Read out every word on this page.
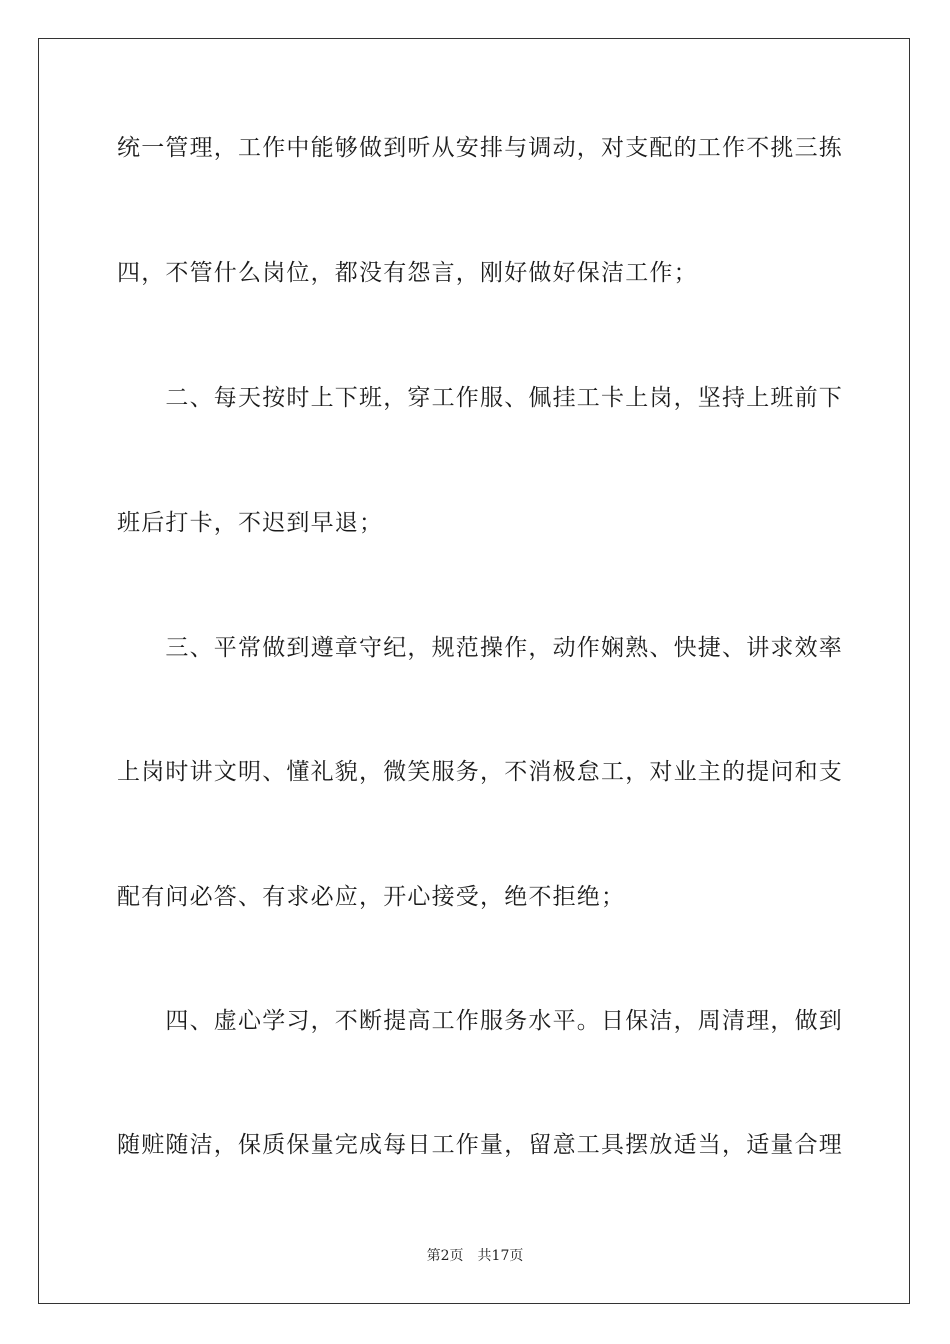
统一管理，工作中能够做到听从安排与调动，对支配的工作不挑三拣
四，不管什么岗位，都没有怨言，刚好做好保洁工作；
　　二、每天按时上下班，穿工作服、佩挂工卡上岗，坚持上班前下
班后打卡，不迟到早退；
　　三、平常做到遵章守纪，规范操作，动作娴熟、快捷、讲求效率
上岗时讲文明、懂礼貌，微笑服务，不消极怠工，对业主的提问和支
配有问必答、有求必应，开心接受，绝不拒绝；
　　四、虚心学习，不断提高工作服务水平。日保洁，周清理，做到
随赃随洁，保质保量完成每日工作量，留意工具摆放适当，适量合理
第2页　共17页
